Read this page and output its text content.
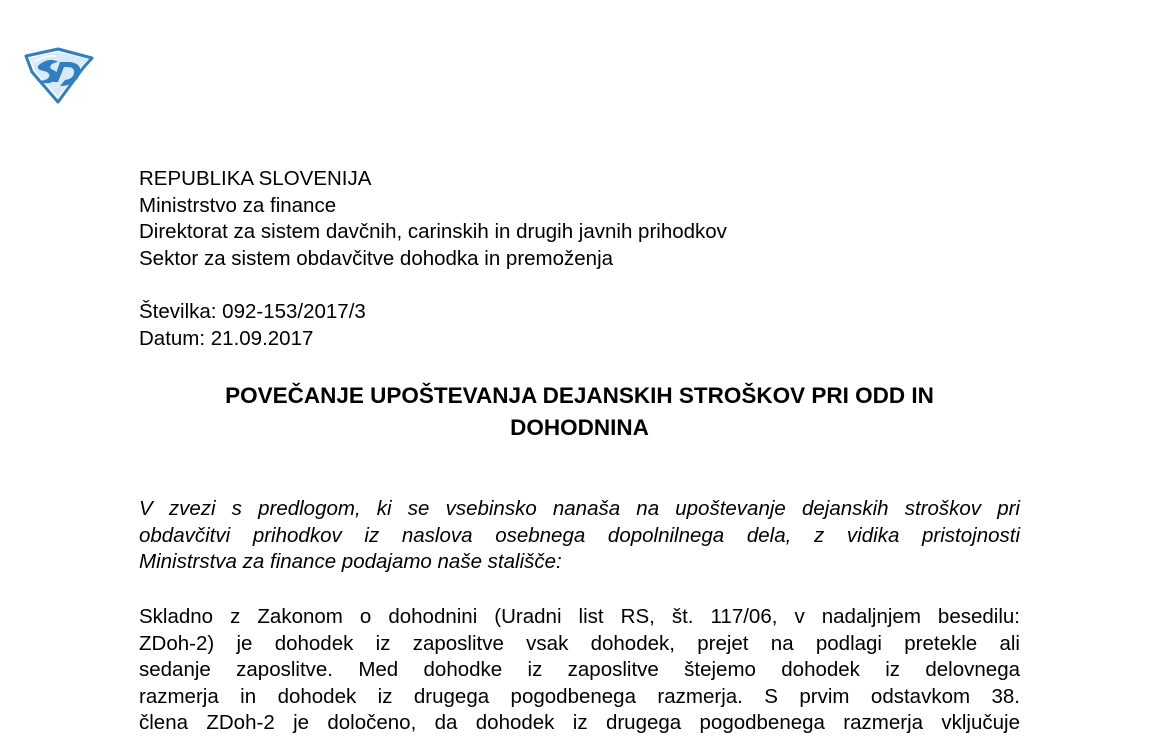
REPUBLIKA SLOVENIJA
Ministrstvo za finance
Direktorat za sistem davčnih, carinskih in drugih javnih prihodkov
Sektor za sistem obdavčitve dohodka in premoženja
Številka: 092-153/2017/3
Datum: 21.09.2017
POVEČANJE UPOŠTEVANJA DEJANSKIH STROŠKOV PRI ODD IN
DOHODNINA
V zvezi s predlogom, ki se vsebinsko nanaša na upoštevanje dejanskih stroškov pri
obdavčitvi prihodkov iz naslova osebnega dopolnilnega dela, z vidika pristojnosti
Ministrstva za finance podajamo naše stališče:
Skladno z Zakonom o dohodnini (Uradni list RS, št. 117/06, v nadaljnjem besedilu:
ZDoh-2) je dohodek iz zaposlitve vsak dohodek, prejet na podlagi pretekle ali
sedanje zaposlitve. Med dohodke iz zaposlitve štejemo dohodek iz delovnega
razmerja in dohodek iz drugega pogodbenega razmerja. S prvim odstavkom 38.
člena ZDoh-2 je določeno, da dohodek iz drugega pogodbenega razmerja vključuje
